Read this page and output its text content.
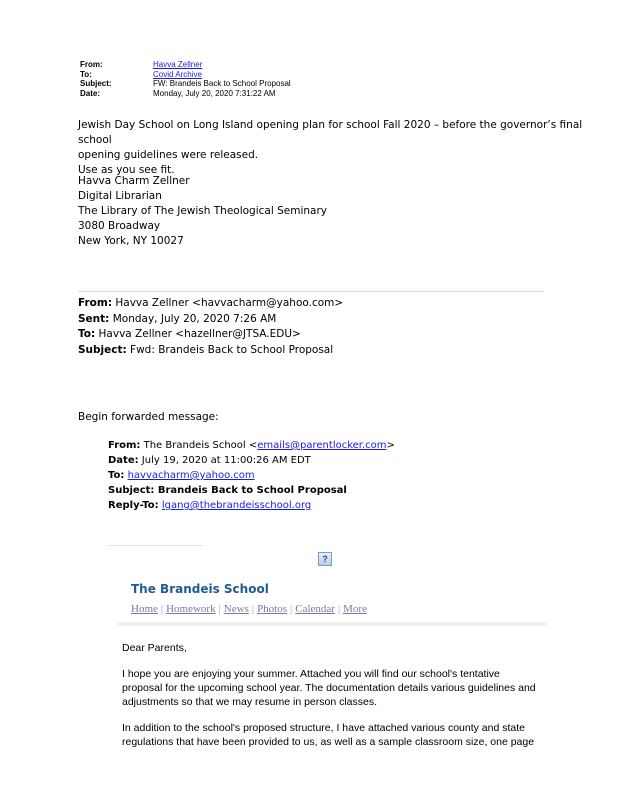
From:	Havva Zellner
To:	Covid Archive
Subject:	FW: Brandeis Back to School Proposal
Date:	Monday, July 20, 2020 7:31:22 AM
Jewish Day School on Long Island opening plan for school Fall 2020 – before the governor’s final school
opening guidelines were released.
Use as you see fit.
Havva Charm Zellner
Digital Librarian
The Library of The Jewish Theological Seminary
3080 Broadway
New York, NY 10027
From: Havva Zellner <havvacharm@yahoo.com>
Sent: Monday, July 20, 2020 7:26 AM
To: Havva Zellner <hazellner@JTSA.EDU>
Subject: Fwd: Brandeis Back to School Proposal
Begin forwarded message:
From: The Brandeis School <emails@parentlocker.com>
Date: July 19, 2020 at 11:00:26 AM EDT
To: havvacharm@yahoo.com
Subject: Brandeis Back to School Proposal
Reply-To: lgang@thebrandeisschool.org
?
The Brandeis School
Home | Homework | News | Photos | Calendar | More
Dear Parents,
I hope you are enjoying your summer. Attached you will find our school's tentative
proposal for the upcoming school year. The documentation details various guidelines and
adjustments so that we may resume in person classes.
In addition to the school's proposed structure, I have attached various county and state
regulations that have been provided to us, as well as a sample classroom size, one page
